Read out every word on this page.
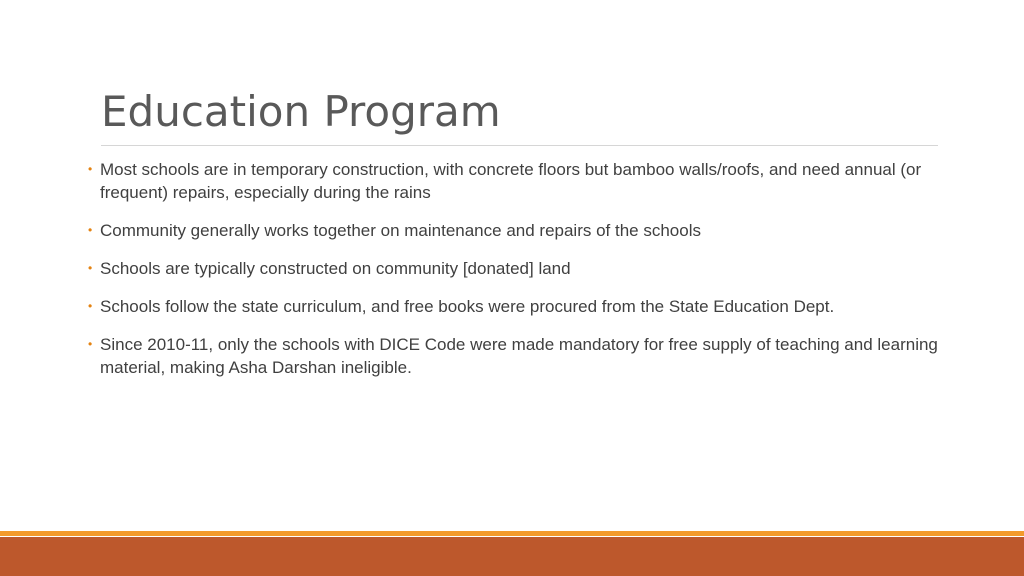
Education Program
• Most schools are in temporary construction, with concrete floors but bamboo walls/roofs, and need annual (or frequent) repairs, especially during the rains
• Community generally works together on maintenance and repairs of the schools
• Schools are typically constructed on community [donated] land
• Schools follow the state curriculum, and free books were procured from the State Education Dept.
• Since 2010-11, only the schools with DICE Code were made mandatory for free supply of teaching and learning material, making Asha Darshan ineligible.
